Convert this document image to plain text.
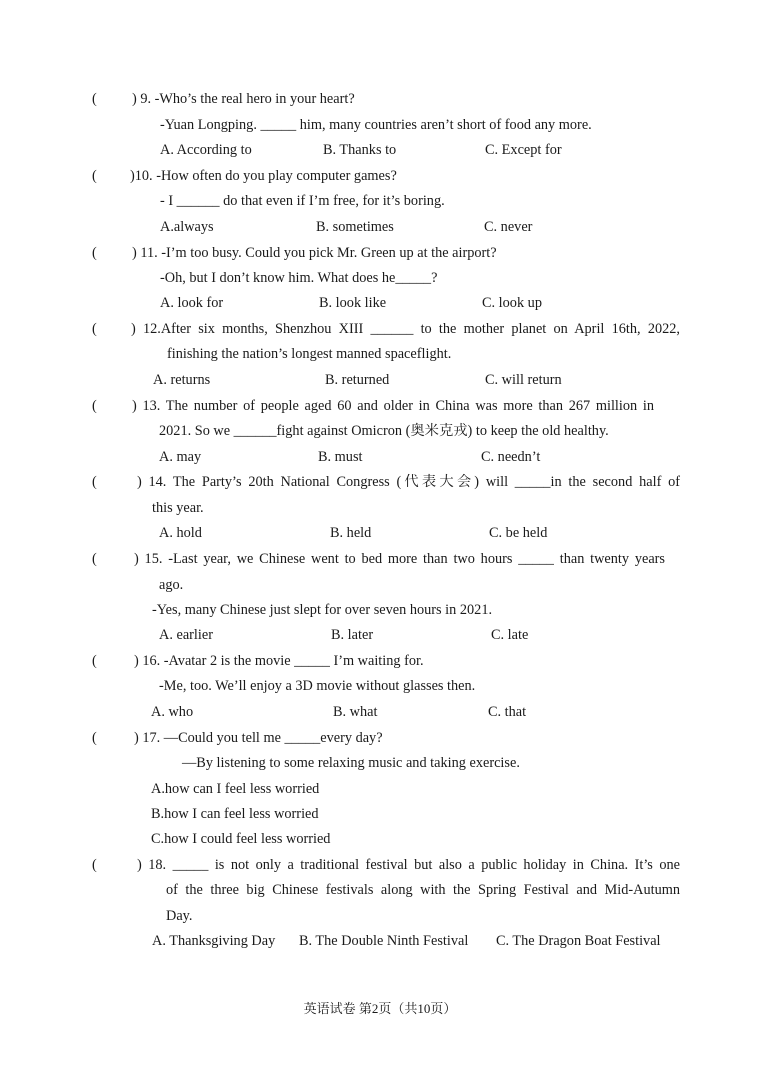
( ) 9. -Who’s the real hero in your heart?
-Yuan Longping. _____ him, many countries aren’t short of food any more.
A. According to	B. Thanks to	C. Except for
( )10. -How often do you play computer games?
- I ______ do that even if I’m free, for it’s boring.
A.always	B. sometimes	C. never
( ) 11. -I’m too busy. Could you pick Mr. Green up at the airport?
-Oh, but I don’t know him. What does he_____?
A. look for	B. look like	C. look up
( ) 12.After six months, Shenzhou XIII ______ to the mother planet on April 16th, 2022,
finishing the nation’s longest manned spaceflight.
A. returns	B. returned	C. will return
( ) 13. The number of people aged 60 and older in China was more than 267 million in
2021. So we ______fight against Omicron (奥米克戎) to keep the old healthy.
A. may	B. must	C. needn’t
(	) 14. The Party’s 20th National Congress (代表大会) will _____in the second half of
this year.
A. hold	B. held	C. be held
(	) 15. -Last year, we Chinese went to bed more than two hours _____ than twenty years
ago.
-Yes, many Chinese just slept for over seven hours in 2021.
A. earlier	B. later	C. late
(	) 16. -Avatar 2 is the movie _____ I’m waiting for.
-Me, too. We’ll enjoy a 3D movie without glasses then.
A. who	B. what	C. that
(	) 17. —Could you tell me _____every day?
—By listening to some relaxing music and taking exercise.
A.how can I feel less worried
B.how I can feel less worried
C.how I could feel less worried
(	) 18. _____ is not only a traditional festival but also a public holiday in China. It’s one
of the three big Chinese festivals along with the Spring Festival and Mid-Autumn
Day.
A. Thanksgiving Day B. The Double Ninth Festival C. The Dragon Boat Festival
英语试卷 第2页（共10页）
